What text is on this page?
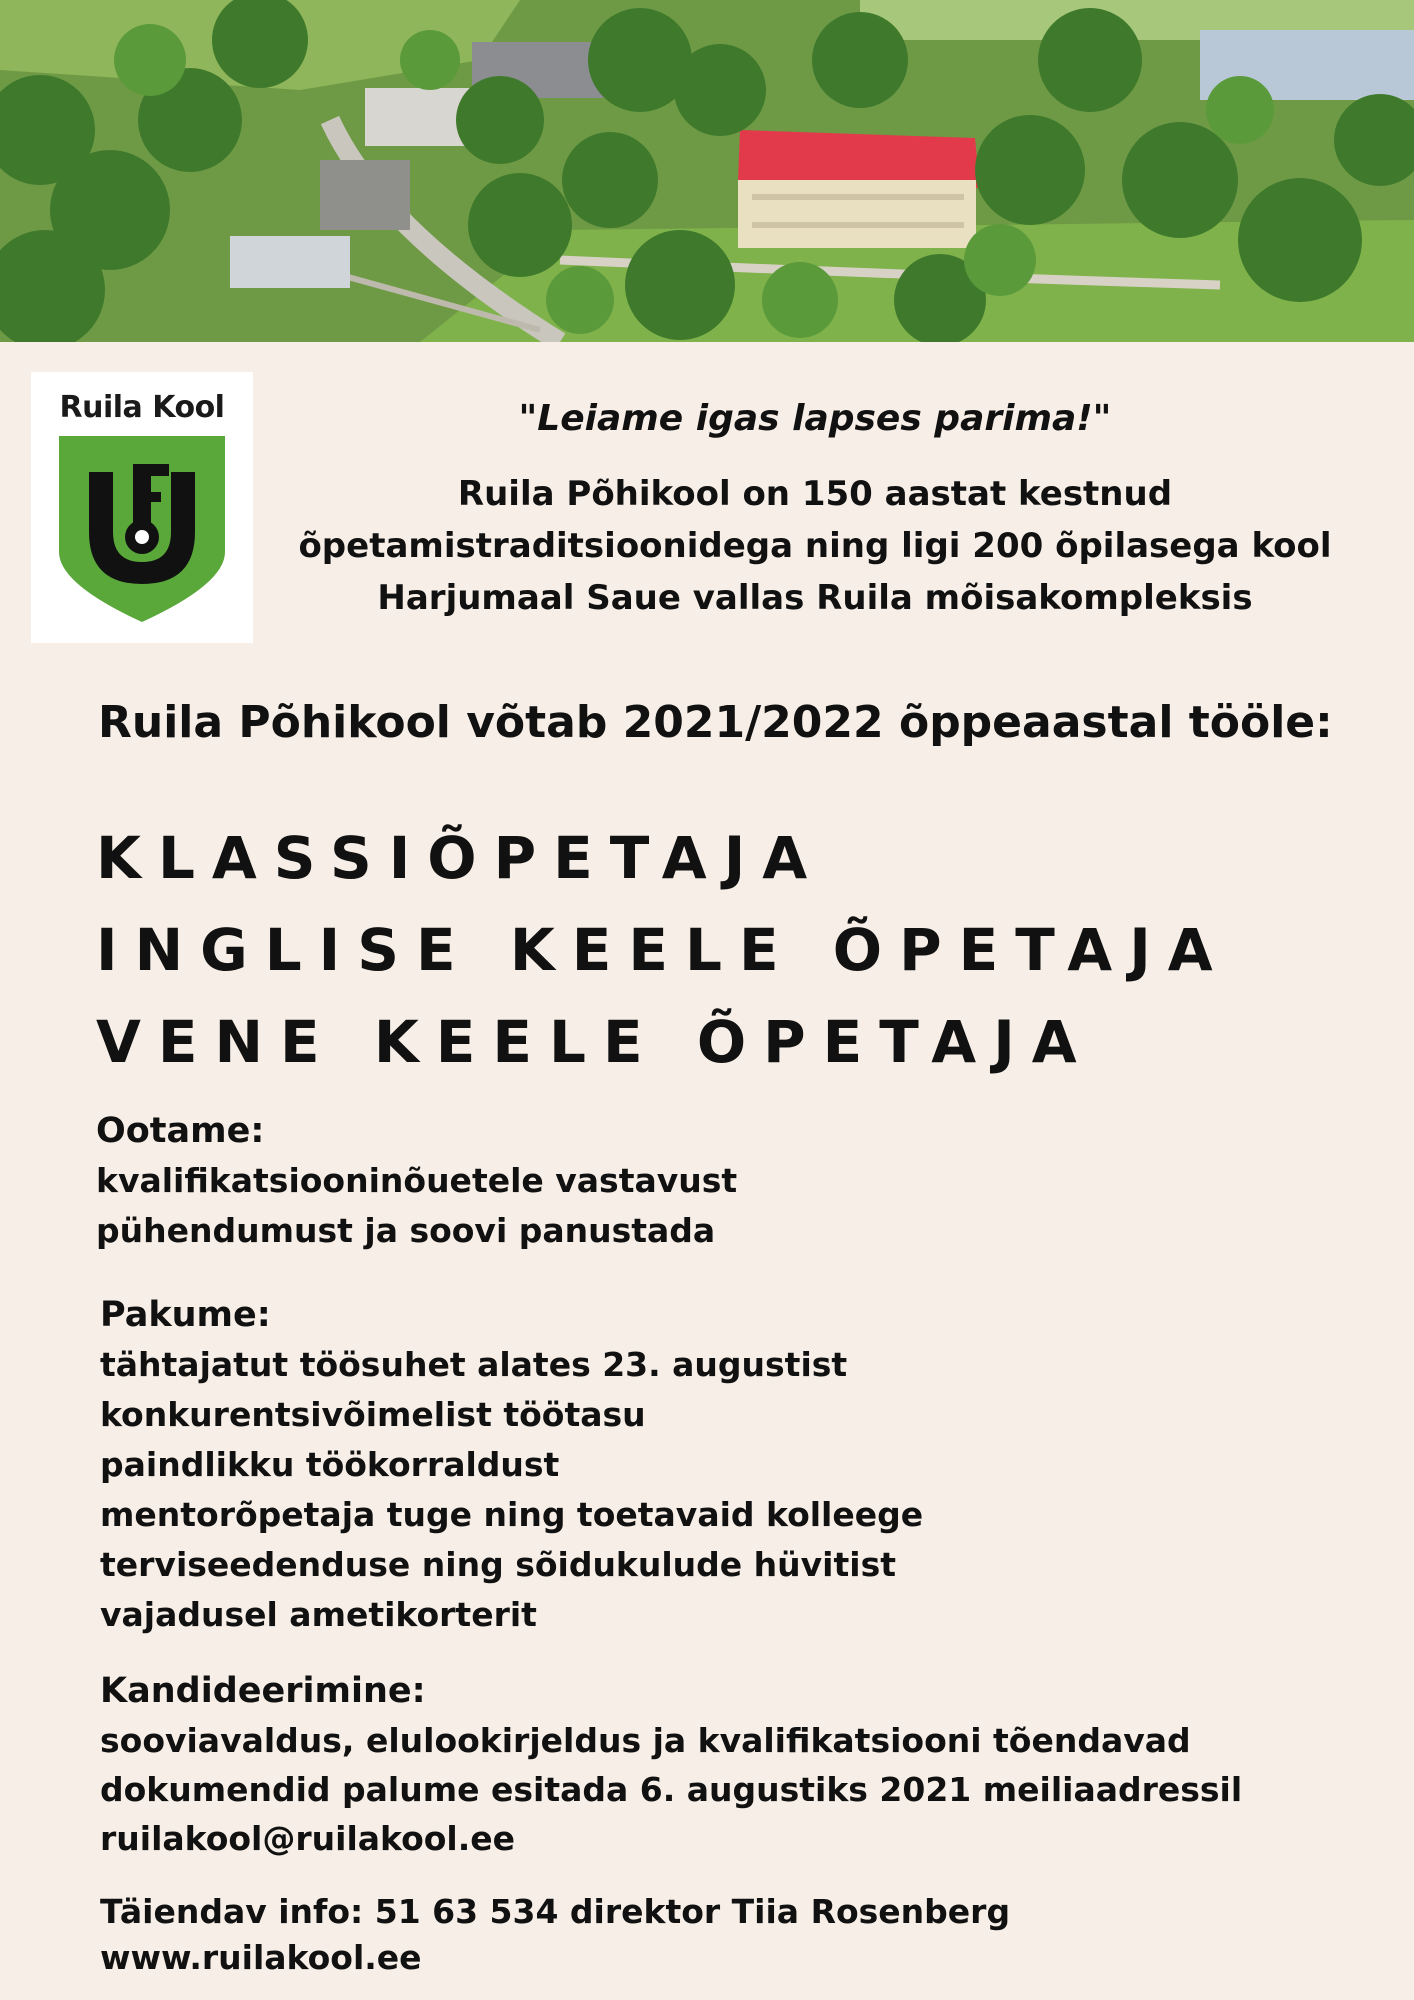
Ruila Kool	"Leiame igas lapses parima!"
Ruila Põhikool on 150 aastat kestnud
õpetamistraditsioonidega ning ligi 200 õpilasega kool
Harjumaal Saue vallas Ruila mõisakompleksis
Ruila Põhikool võtab 2021/2022 õppeaastal tööle:
KLASSIÕPETAJA
INGLISE KEELE ÕPETAJA
VENE KEELE ÕPETAJA
Ootame:
kvalifikatsiooninõuetele vastavust
pühendumust ja soovi panustada
Pakume:
tähtajatut töösuhet alates 23. augustist
konkurentsivõimelist töötasu
paindlikku töökorraldust
mentorõpetaja tuge ning toetavaid kolleege
terviseedenduse ning sõidukulude hüvitist
vajadusel ametikorterit
Kandideerimine:
sooviavaldus, elulookirjeldus ja kvalifikatsiooni tõendavad
dokumendid palume esitada 6. augustiks 2021 meiliaadressil
ruilakool@ruilakool.ee
Täiendav info: 51 63 534 direktor Tiia Rosenberg
www.ruilakool.ee
